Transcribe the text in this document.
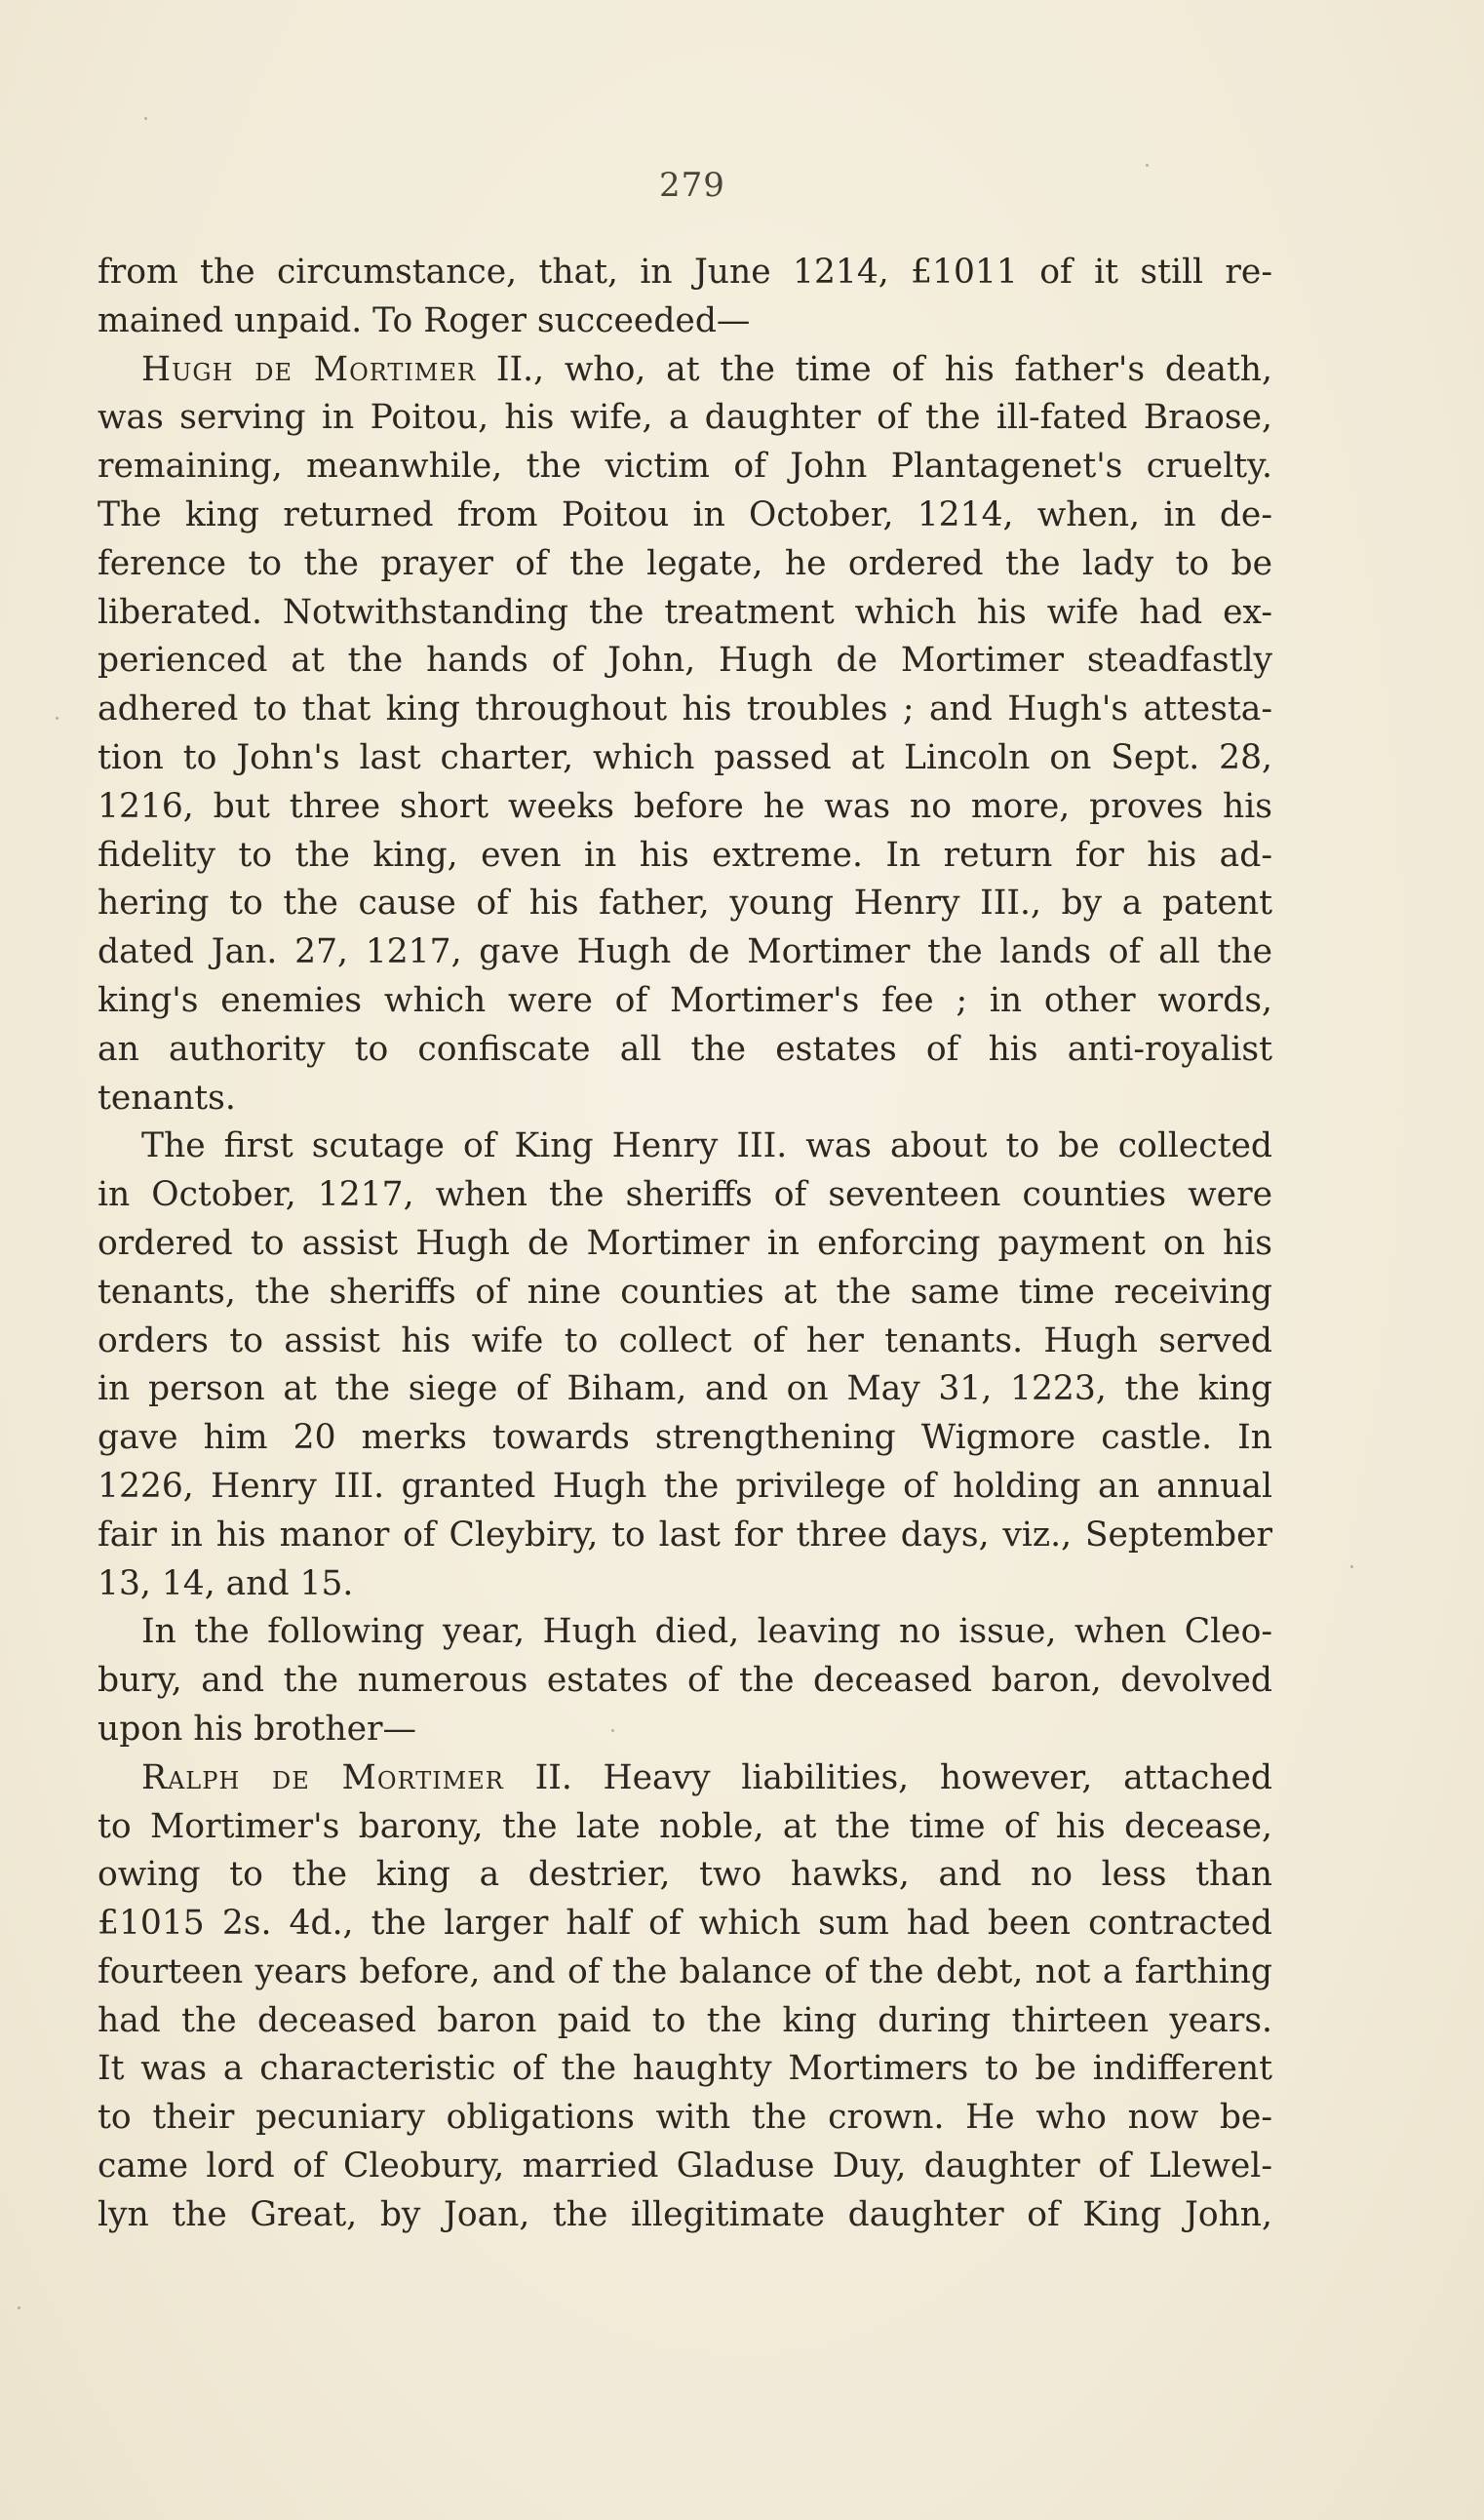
279
from the circumstance, that, in June 1214, £1011 of it still re-
mained unpaid. To Roger succeeded—
Hugh de Mortimer II., who, at the time of his father's death,
was serving in Poitou, his wife, a daughter of the ill-fated Braose,
remaining, meanwhile, the victim of John Plantagenet's cruelty.
The king returned from Poitou in October, 1214, when, in de-
ference to the prayer of the legate, he ordered the lady to be
liberated. Notwithstanding the treatment which his wife had ex-
perienced at the hands of John, Hugh de Mortimer steadfastly
adhered to that king throughout his troubles ; and Hugh's attesta-
tion to John's last charter, which passed at Lincoln on Sept. 28,
1216, but three short weeks before he was no more, proves his
fidelity to the king, even in his extreme. In return for his ad-
hering to the cause of his father, young Henry III., by a patent
dated Jan. 27, 1217, gave Hugh de Mortimer the lands of all the
king's enemies which were of Mortimer's fee ; in other words,
an authority to confiscate all the estates of his anti-royalist
tenants.
The first scutage of King Henry III. was about to be collected
in October, 1217, when the sheriffs of seventeen counties were
ordered to assist Hugh de Mortimer in enforcing payment on his
tenants, the sheriffs of nine counties at the same time receiving
orders to assist his wife to collect of her tenants. Hugh served
in person at the siege of Biham, and on May 31, 1223, the king
gave him 20 merks towards strengthening Wigmore castle. In
1226, Henry III. granted Hugh the privilege of holding an annual
fair in his manor of Cleybiry, to last for three days, viz., September
13, 14, and 15.
In the following year, Hugh died, leaving no issue, when Cleo-
bury, and the numerous estates of the deceased baron, devolved
upon his brother—
Ralph de Mortimer II. Heavy liabilities, however, attached
to Mortimer's barony, the late noble, at the time of his decease,
owing to the king a destrier, two hawks, and no less than
£1015 2s. 4d., the larger half of which sum had been contracted
fourteen years before, and of the balance of the debt, not a farthing
had the deceased baron paid to the king during thirteen years.
It was a characteristic of the haughty Mortimers to be indifferent
to their pecuniary obligations with the crown. He who now be-
came lord of Cleobury, married Gladuse Duy, daughter of Llewel-
lyn the Great, by Joan, the illegitimate daughter of King John,
